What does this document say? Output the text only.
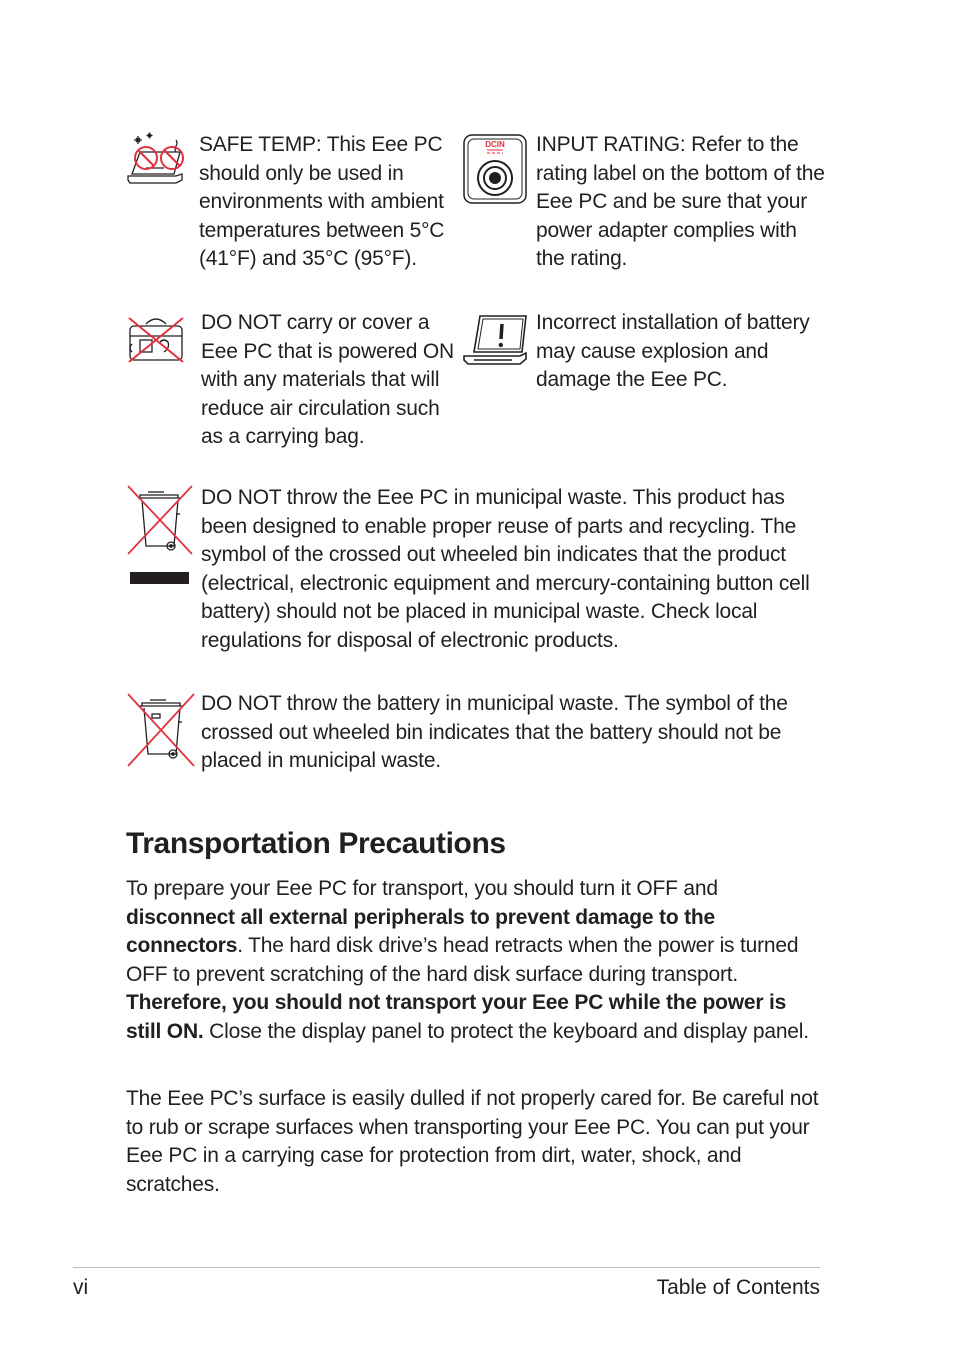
SAFE TEMP: This Eee PC should only be used in environments with ambient temperatures between 5°C (41°F) and 35°C (95°F).
DCIN INPUT RATING: Refer to the rating label on the bottom of the Eee PC and be sure that your power adapter complies with the rating.
DO NOT carry or cover a Eee PC that is powered ON with any materials that will reduce air circulation such as a carrying bag.
Incorrect installation of battery may cause explosion and damage the Eee PC.
DO NOT throw the Eee PC in municipal waste. This product has been designed to enable proper reuse of parts and recycling. The symbol of the crossed out wheeled bin indicates that the product (electrical, electronic equipment and mercury-containing button cell battery) should not be placed in municipal waste. Check local regulations for disposal of electronic products.
DO NOT throw the battery in municipal waste. The symbol of the crossed out wheeled bin indicates that the battery should not be placed in municipal waste.
Transportation Precautions
To prepare your Eee PC for transport, you should turn it OFF and disconnect all external peripherals to prevent damage to the connectors. The hard disk drive’s head retracts when the power is turned OFF to prevent scratching of the hard disk surface during transport. Therefore, you should not transport your Eee PC while the power is still ON. Close the display panel to protect the keyboard and display panel.
The Eee PC’s surface is easily dulled if not properly cared for. Be careful not to rub or scrape surfaces when transporting your Eee PC. You can put your Eee PC in a carrying case for protection from dirt, water, shock, and scratches.
vi	Table of Contents
